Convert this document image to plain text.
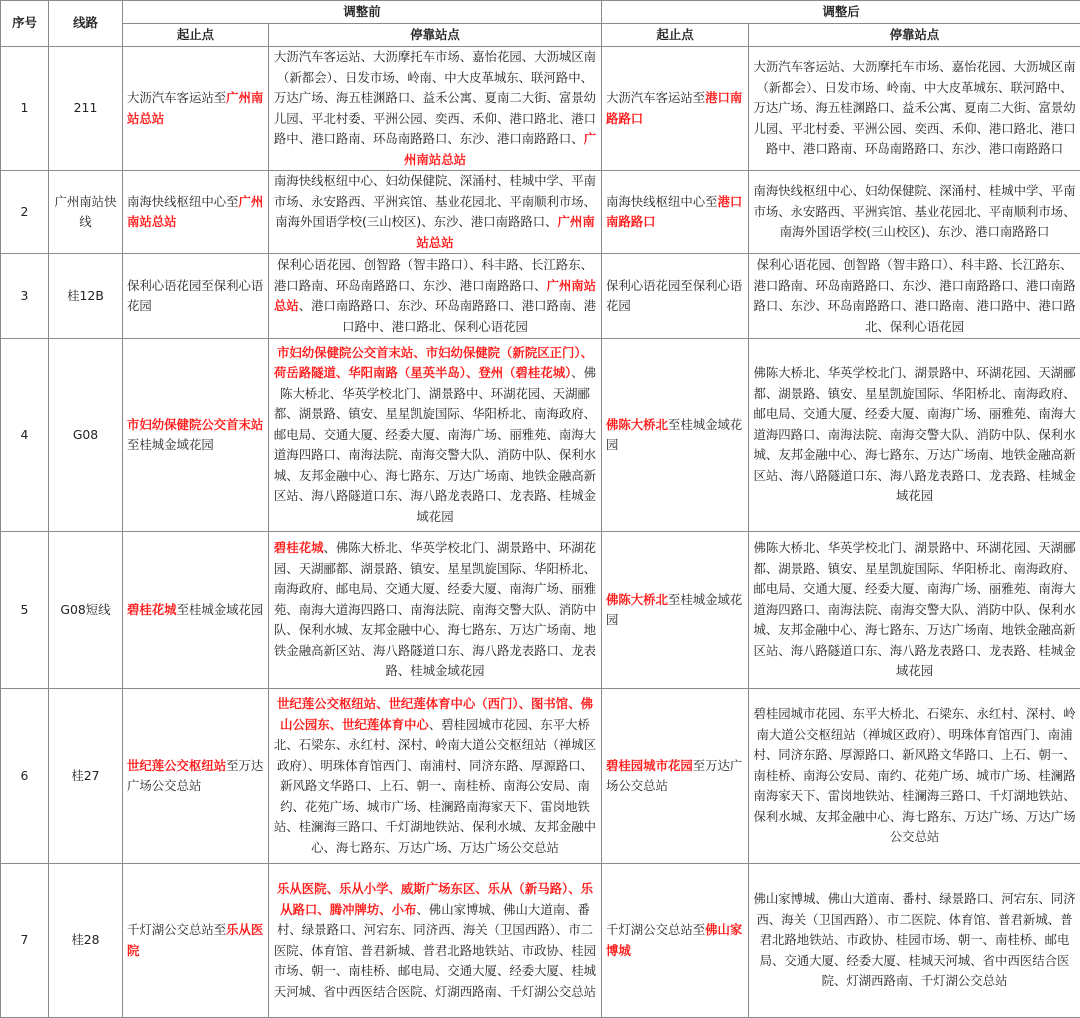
序号	线路	调整前		调整后	
		起止点	停靠站点	起止点	停靠站点
1	211	大沥汽车客运站至广州南站总站	大沥汽车客运站、大沥摩托车市场、嘉怡花园、大沥城区南（新都会）、日发市场、岭南、中大皮革城东、联河路中、万达广场、海五桂渊路口、益禾公寓、夏南二大街、富景幼儿园、平北村委、平洲公园、奕西、禾仰、港口路北、港口路中、港口路南、环岛南路路口、东沙、港口南路路口、广州南站总站	大沥汽车客运站至港口南路路口	大沥汽车客运站、大沥摩托车市场、嘉怡花园、大沥城区南（新都会）、日发市场、岭南、中大皮革城东、联河路中、万达广场、海五桂渊路口、益禾公寓、夏南二大街、富景幼儿园、平北村委、平洲公园、奕西、禾仰、港口路北、港口路中、港口路南、环岛南路路口、东沙、港口南路路口
2	广州南站快线	南海快线枢纽中心至广州南站总站	南海快线枢纽中心、妇幼保健院、深涌村、桂城中学、平南市场、永安路西、平洲宾馆、基业花园北、平南顺利市场、南海外国语学校(三山校区)、东沙、港口南路路口、广州南站总站	南海快线枢纽中心至港口南路路口	南海快线枢纽中心、妇幼保健院、深涌村、桂城中学、平南市场、永安路西、平洲宾馆、基业花园北、平南顺利市场、南海外国语学校(三山校区)、东沙、港口南路路口
3	桂12B	保利心语花园至保利心语花园	保利心语花园、创智路（智丰路口）、科丰路、长江路东、港口路南、环岛南路路口、东沙、港口南路路口、广州南站总站、港口南路路口、东沙、环岛南路路口、港口路南、港口路中、港口路北、保利心语花园	保利心语花园至保利心语花园	保利心语花园、创智路（智丰路口）、科丰路、长江路东、港口路南、环岛南路路口、东沙、港口南路路口、港口南路路口、东沙、环岛南路路口、港口路南、港口路中、港口路北、保利心语花园
4	G08	市妇幼保健院公交首末站至桂城金域花园	市妇幼保健院公交首末站、市妇幼保健院（新院区正门）、荷岳路隧道、华阳南路（星英半岛）、登州（碧桂花城）、佛陈大桥北、华英学校北门、湖景路中、环湖花园、天湖郦都、湖景路、镇安、星星凯旋国际、华阳桥北、南海政府、邮电局、交通大厦、经委大厦、南海广场、丽雅苑、南海大道海四路口、南海法院、南海交警大队、消防中队、保利水城、友邦金融中心、海七路东、万达广场南、地铁金融高新区站、海八路隧道口东、海八路龙表路口、龙表路、桂城金域花园	佛陈大桥北至桂城金域花园	佛陈大桥北、华英学校北门、湖景路中、环湖花园、天湖郦都、湖景路、镇安、星星凯旋国际、华阳桥北、南海政府、邮电局、交通大厦、经委大厦、南海广场、丽雅苑、南海大道海四路口、南海法院、南海交警大队、消防中队、保利水城、友邦金融中心、海七路东、万达广场南、地铁金融高新区站、海八路隧道口东、海八路龙表路口、龙表路、桂城金域花园
5	G08短线	碧桂花城至桂城金域花园	碧桂花城、佛陈大桥北、华英学校北门、湖景路中、环湖花园、天湖郦都、湖景路、镇安、星星凯旋国际、华阳桥北、南海政府、邮电局、交通大厦、经委大厦、南海广场、丽雅苑、南海大道海四路口、南海法院、南海交警大队、消防中队、保利水城、友邦金融中心、海七路东、万达广场南、地铁金融高新区站、海八路隧道口东、海八路龙表路口、龙表路、桂城金域花园	佛陈大桥北至桂城金域花园	佛陈大桥北、华英学校北门、湖景路中、环湖花园、天湖郦都、湖景路、镇安、星星凯旋国际、华阳桥北、南海政府、邮电局、交通大厦、经委大厦、南海广场、丽雅苑、南海大道海四路口、南海法院、南海交警大队、消防中队、保利水城、友邦金融中心、海七路东、万达广场南、地铁金融高新区站、海八路隧道口东、海八路龙表路口、龙表路、桂城金域花园
6	桂27	世纪莲公交枢纽站至万达广场公交总站	世纪莲公交枢纽站、世纪莲体育中心（西门）、图书馆、佛山公园东、世纪莲体育中心、碧桂园城市花园、东平大桥北、石梁东、永红村、深村、岭南大道公交枢纽站（禅城区政府）、明珠体育馆西门、南浦村、同济东路、厚源路口、新风路文华路口、上石、朝一、南桂桥、南海公安局、南约、花苑广场、城市广场、桂澜路南海家天下、雷岗地铁站、桂澜海三路口、千灯湖地铁站、保利水城、友邦金融中心、海七路东、万达广场、万达广场公交总站	碧桂园城市花园至万达广场公交总站	碧桂园城市花园、东平大桥北、石梁东、永红村、深村、岭南大道公交枢纽站（禅城区政府）、明珠体育馆西门、南浦村、同济东路、厚源路口、新风路文华路口、上石、朝一、南桂桥、南海公安局、南约、花苑广场、城市广场、桂澜路南海家天下、雷岗地铁站、桂澜海三路口、千灯湖地铁站、保利水城、友邦金融中心、海七路东、万达广场、万达广场公交总站
7	桂28	千灯湖公交总站至乐从医院	乐从医院、乐从小学、威斯广场东区、乐从（新马路）、乐从路口、腾冲牌坊、小布、佛山家博城、佛山大道南、番村、绿景路口、河宕东、同济西、海关（卫国西路）、市二医院、体育馆、普君新城、普君北路地铁站、市政协、桂园市场、朝一、南桂桥、邮电局、交通大厦、经委大厦、桂城天河城、省中西医结合医院、灯湖西路南、千灯湖公交总站	千灯湖公交总站至佛山家博城	佛山家博城、佛山大道南、番村、绿景路口、河宕东、同济西、海关（卫国西路）、市二医院、体育馆、普君新城、普君北路地铁站、市政协、桂园市场、朝一、南桂桥、邮电局、交通大厦、经委大厦、桂城天河城、省中西医结合医院、灯湖西路南、千灯湖公交总站
